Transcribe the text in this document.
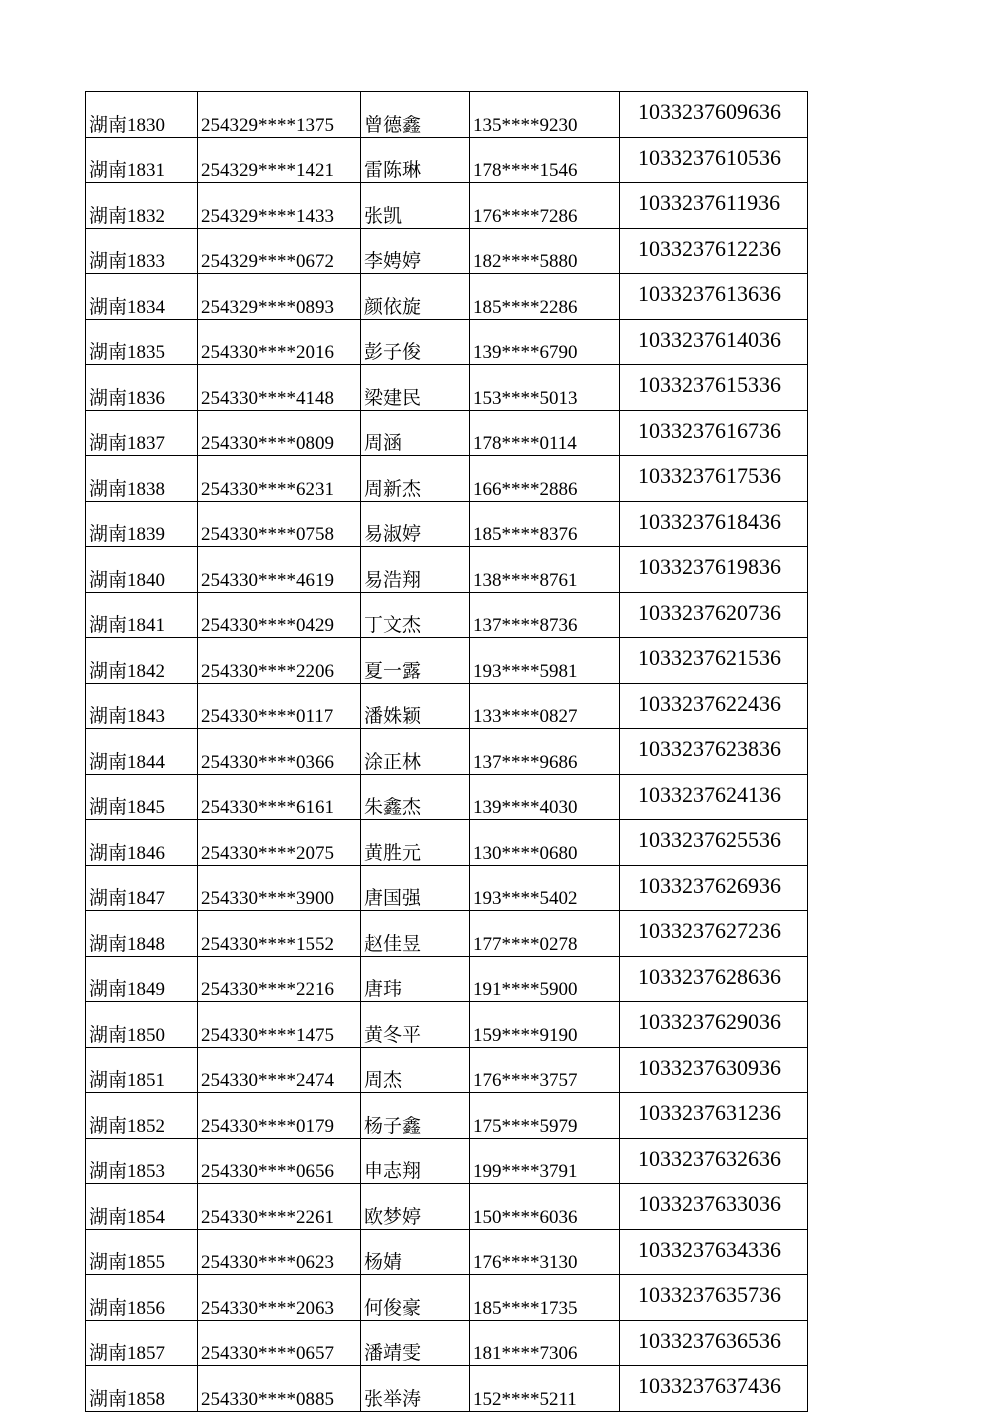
湖南1830	254329****1375	曾德鑫	135****9230	1033237609636
湖南1831	254329****1421	雷陈琳	178****1546	1033237610536
湖南1832	254329****1433	张凯	176****7286	1033237611936
湖南1833	254329****0672	李娉婷	182****5880	1033237612236
湖南1834	254329****0893	颜依旋	185****2286	1033237613636
湖南1835	254330****2016	彭子俊	139****6790	1033237614036
湖南1836	254330****4148	梁建民	153****5013	1033237615336
湖南1837	254330****0809	周涵	178****0114	1033237616736
湖南1838	254330****6231	周新杰	166****2886	1033237617536
湖南1839	254330****0758	易淑婷	185****8376	1033237618436
湖南1840	254330****4619	易浩翔	138****8761	1033237619836
湖南1841	254330****0429	丁文杰	137****8736	1033237620736
湖南1842	254330****2206	夏一露	193****5981	1033237621536
湖南1843	254330****0117	潘姝颖	133****0827	1033237622436
湖南1844	254330****0366	涂正林	137****9686	1033237623836
湖南1845	254330****6161	朱鑫杰	139****4030	1033237624136
湖南1846	254330****2075	黄胜元	130****0680	1033237625536
湖南1847	254330****3900	唐国强	193****5402	1033237626936
湖南1848	254330****1552	赵佳昱	177****0278	1033237627236
湖南1849	254330****2216	唐玮	191****5900	1033237628636
湖南1850	254330****1475	黄冬平	159****9190	1033237629036
湖南1851	254330****2474	周杰	176****3757	1033237630936
湖南1852	254330****0179	杨子鑫	175****5979	1033237631236
湖南1853	254330****0656	申志翔	199****3791	1033237632636
湖南1854	254330****2261	欧梦婷	150****6036	1033237633036
湖南1855	254330****0623	杨婧	176****3130	1033237634336
湖南1856	254330****2063	何俊豪	185****1735	1033237635736
湖南1857	254330****0657	潘靖雯	181****7306	1033237636536
湖南1858	254330****0885	张举涛	152****5211	1033237637436
